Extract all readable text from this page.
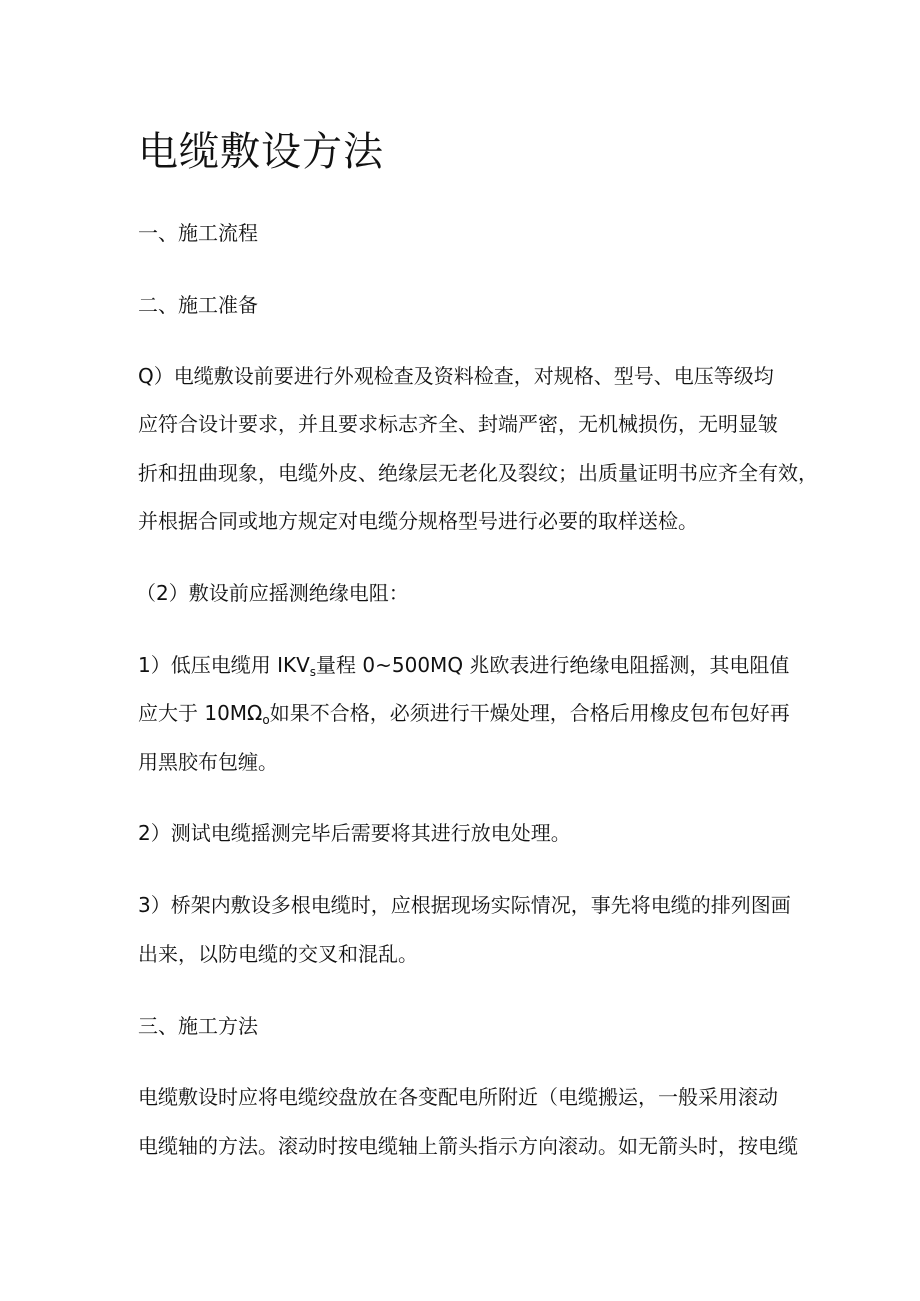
电缆敷设方法

一、施工流程

二、施工准备

Q）电缆敷设前要进行外观检查及资料检查，对规格、型号、电压等级均

应符合设计要求，并且要求标志齐全、封端严密，无机械损伤，无明显皱

折和扭曲现象，电缆外皮、绝缘层无老化及裂纹；出质量证明书应齐全有效，

并根据合同或地方规定对电缆分规格型号进行必要的取样送检。

（2）敷设前应摇测绝缘电阻：

1）低压电缆用 $IKV_s$量程 0~500MQ 兆欧表进行绝缘电阻摇测，其电阻值

应大于 $10M\Omega_o$如果不合格，必须进行干燥处理，合格后用橡皮包布包好再

用黑胶布包缠。

2）测试电缆摇测完毕后需要将其进行放电处理。

3）桥架内敷设多根电缆时，应根据现场实际情况，事先将电缆的排列图画

出来，以防电缆的交叉和混乱。

三、施工方法

电缆敷设时应将电缆绞盘放在各变配电所附近（电缆搬运，一般采用滚动

电缆轴的方法。滚动时按电缆轴上箭头指示方向滚动。如无箭头时，按电缆
